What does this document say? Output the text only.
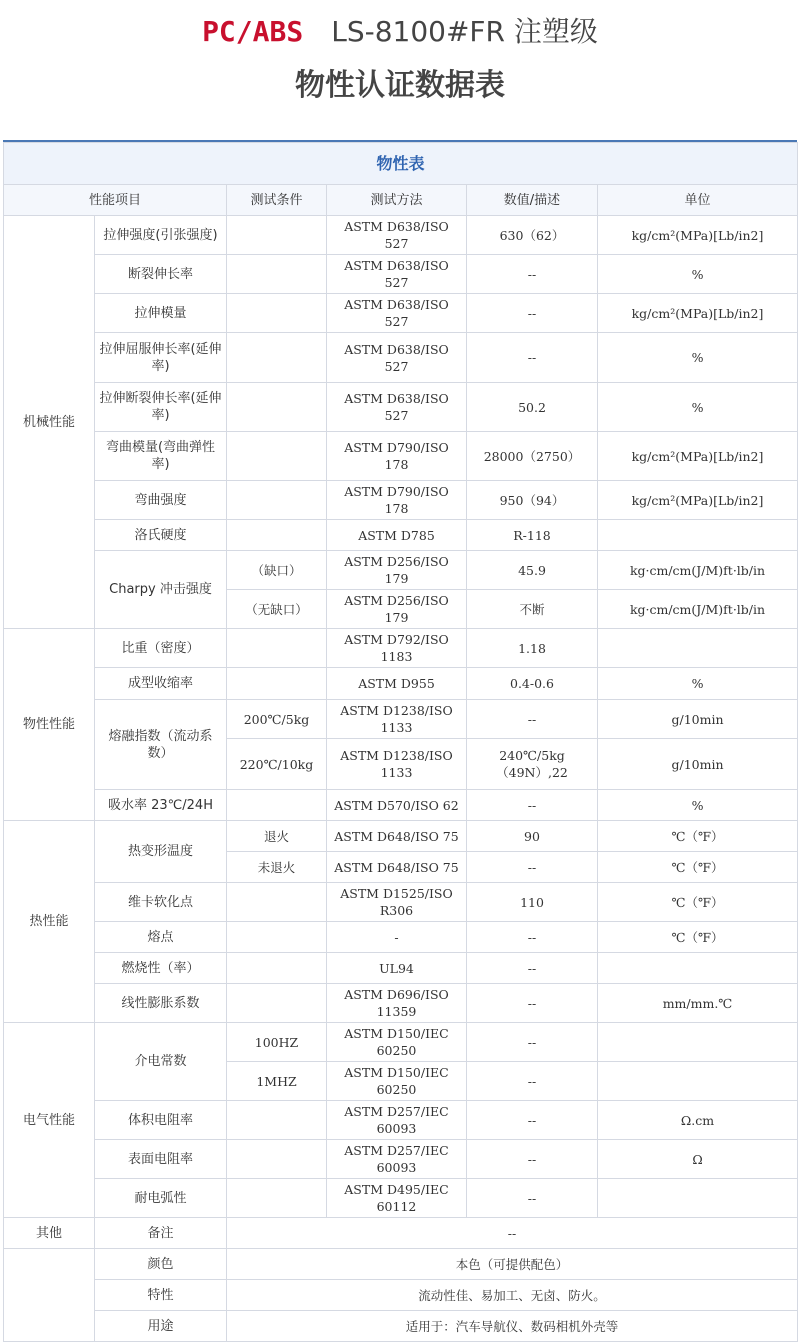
PC/ABS LS-8100#FR 注塑级
物性认证数据表
物性表					
性能项目		测试条件	测试方法	数值/描述	单位
机械性能	拉伸强度(引张强度)		ASTM D638/ISO 527	630（62）	kg/cm²(MPa)[Lb/in2]
	断裂伸长率		ASTM D638/ISO 527	--	%
	拉伸模量		ASTM D638/ISO 527	--	kg/cm²(MPa)[Lb/in2]
	拉伸屈服伸长率(延伸率)		ASTM D638/ISO 527	--	%
	拉伸断裂伸长率(延伸率)		ASTM D638/ISO 527	50.2	%
	弯曲模量(弯曲弹性率)		ASTM D790/ISO 178	28000（2750）	kg/cm²(MPa)[Lb/in2]
	弯曲强度		ASTM D790/ISO 178	950（94）	kg/cm²(MPa)[Lb/in2]
	洛氏硬度		ASTM D785	R-118	
	Charpy 冲击强度	（缺口）	ASTM D256/ISO 179	45.9	kg·cm/cm(J/M)ft·lb/in
		（无缺口）	ASTM D256/ISO 179	不断	kg·cm/cm(J/M)ft·lb/in
物性性能	比重（密度）		ASTM D792/ISO 1183	1.18	
	成型收缩率		ASTM D955	0.4-0.6	%
	熔融指数（流动系数）	200℃/5kg	ASTM D1238/ISO 1133	--	g/10min
		220℃/10kg	ASTM D1238/ISO 1133	240℃/5kg（49N）,22	g/10min
	吸水率 23℃/24H		ASTM D570/ISO 62	--	%
热性能	热变形温度	退火	ASTM D648/ISO 75	90	℃（℉）
		未退火	ASTM D648/ISO 75	--	℃（℉）
	维卡软化点		ASTM D1525/ISO R306	110	℃（℉）
	熔点		-	--	℃（℉）
	燃烧性（率）		UL94	--	
	线性膨胀系数		ASTM D696/ISO 11359	--	mm/mm.℃
电气性能	介电常数	100HZ	ASTM D150/IEC 60250	--	
		1MHZ	ASTM D150/IEC 60250	--	
	体积电阻率		ASTM D257/IEC 60093	--	Ω.cm
	表面电阻率		ASTM D257/IEC 60093	--	Ω
	耐电弧性		ASTM D495/IEC 60112	--	
其他	备注	--			
	颜色	本色（可提供配色）			
	特性	流动性佳、易加工、无卤、防火。			
	用途	适用于：汽车导航仪、数码相机外壳等			
